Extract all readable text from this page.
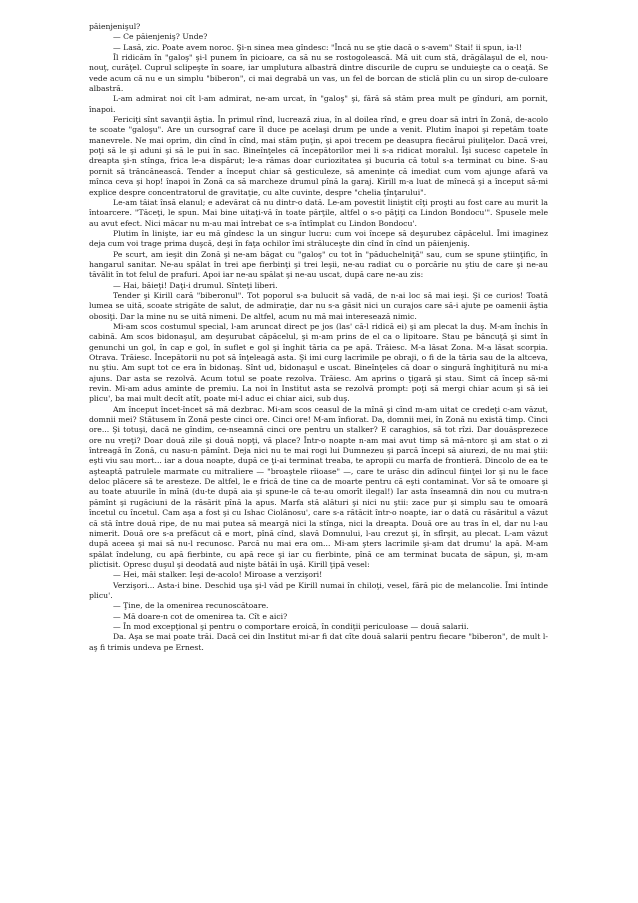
păienjenişul?

— Ce păienjeniş? Unde?

— Lasă, zic. Poate avem noroc. Şi-n sinea mea gîndesc: "Încă nu se ştie dacă o s-avem" Stai! ii spun, ia-l!

Îl ridicăm în "galoş" şi-l punem în picioare, ca să nu se rostogolească. Mă uit cum stă, drăgălaşul de el, nou-nouţ, curăţel. Cuprul sclipeşte în soare, iar umplutura albastră dintre discurile de cupru se unduieşte ca o ceaţă. Se vede acum că nu e un simplu "biberon", ci mai degrabă un vas, un fel de borcan de sticlă plin cu un sirop de-culoare albastră.

L-am admirat noi cît l-am admirat, ne-am urcat, în "galoş" şi, fără să stăm prea mult pe gînduri, am pornit, înapoi.

Fericiţi sînt savanţii ăştia. În primul rînd, lucrează ziua, în al doilea rînd, e greu doar să intri în Zonă, de-acolo te scoate "galoşu". Are un cursograf care îl duce pe acelaşi drum pe unde a venit. Plutim înapoi şi repetăm toate manevrele. Ne mai oprim, din cînd în cînd, mai stăm puţin, şi apoi trecem pe deasupra fiecărui piuliţelor. Dacă vrei, poţi să le şi aduni şi să le pui în sac. Bineînţeles că începătorilor mei li s-a ridicat moralul. Îşi sucesc capetele în dreapta şi-n stînga, frica le-a dispărut; le-a rămas doar curiozitatea şi bucuria că totul s-a terminat cu bine. S-au pornit să trăncănească. Tender a început chiar să gesticuleze, să amenințe că imediat cum vom ajunge afară va mînca ceva şi hop! înapoi în Zonă ca să marcheze drumul pînă la garaj. Kirill m-a luat de mînecă şi a început să-mi explice despre concentratorul de gravitaţie, cu alte cuvinte, despre "chelia ţînţarului".

Le-am tăiat însă elanul; e adevărat că nu dintr-o dată. Le-am povestit liniştit cîţi proşti au fost care au murit la întoarcere. "Tăceţi, le spun. Mai bine uitaţi-vă în toate părţile, altfel o s-o păţiţi ca Lindon Bondocu'". Spusele mele au avut efect. Nici măcar nu m-au mai întrebat ce s-a întîmplat cu Lindon Bondocu'.

Plutim în linişte, iar eu mă gîndesc la un singur lucru: cum voi începe să deşurubez căpăcelul. Îmi imaginez deja cum voi trage prima duşcă, deşi în faţa ochilor îmi străluceşte din cînd în cînd un păienjeniş.

Pe scurt, am ieşit din Zonă şi ne-am băgat cu "galoş" cu tot în "păduchelniţă" sau, cum se spune ştiinţific, în hangarul sanitar. Ne-au spălat în trei ape fierbinţi şi trei leşii, ne-au radiat cu o porcărie nu ştiu de care şi ne-au tăvălit în tot felul de prafuri. Apoi iar ne-au spălat şi ne-au uscat, după care ne-au zis:

— Hai, băieţi! Daţi-i drumul. Sînteţi liberi.

Tender şi Kirill cară "biberonul". Tot poporul s-a bulucit să vadă, de n-ai loc să mai ieşi. Şi ce curios! Toată lumea se uită, scoate strigăte de salut, de admiraţie, dar nu s-a găsit nici un curajos care să-i ajute pe oamenii ăştia obosiţi. Dar la mine nu se uită nimeni. De altfel, acum nu mă mai interesează nimic.

Mi-am scos costumul special, l-am aruncat direct pe jos (las' că-l ridică ei) şi am plecat la duş. M-am închis în cabină. Am scos bidonaşul, am deşurubat căpăcelul, şi m-am prins de el ca o lipitoare. Stau pe băncuţă şi simt în genunchi un gol, în cap e gol, în suflet e gol şi înghit tăria ca pe apă. Trăiesc. M-a lăsat Zona. M-a lăsat scorpia. Otrava. Trăiesc. Începătorii nu pot să înţeleagă asta. Şi imi curg lacrimile pe obraji, o fi de la tăria sau de la altceva, nu ştiu. Am supt tot ce era în bidonaş. Sînt ud, bidonaşul e uscat. Bineînţeles că doar o singură înghiţitură nu mi-a ajuns. Dar asta se rezolvă. Acum totul se poate rezolva. Trăiesc. Am aprins o ţigară şi stau. Simt că încep să-mi revin. Mi-am adus aminte de premiu. La noi în Institut asta se rezolvă prompt: poţi să mergi chiar acum şi să iei plicu', ba mai mult decît atît, poate mi-l aduc ei chiar aici, sub duş.

Am început încet-încet să mă dezbrac. Mi-am scos ceasul de la mînă şi cînd m-am uitat ce credeţi c-am văzut, domnii mei? Stătusem în Zonă peste cinci ore. Cinci ore! M-am înfiorat. Da, domnii mei, în Zonă nu există timp. Cinci ore... Şi totuşi, dacă ne gîndim, ce-nseamnă cinci ore pentru un stalker? E caraghios, să tot rîzi. Dar douăsprezece ore nu vreţi? Doar două zile şi două nopţi, vă place? Într-o noapte n-am mai avut timp să mă-ntorc şi am stat o zi întreagă în Zonă, cu nasu-n pămînt. Deja nici nu te mai rogi lui Dumnezeu şi parcă începi să aiurezi, de nu mai ştii: eşti viu sau mort... iar a doua noapte, după ce ţi-ai terminat treaba, te apropii cu marfa de frontieră. Dincolo de ea te aşteaptă patrulele marmate cu mitraliere — "broaştele rîioase" —, care te urăsc din adîncul fiinţei lor şi nu le face deloc plăcere să te aresteze. De altfel, le e frică de tine ca de moarte pentru că eşti contaminat. Vor să te omoare şi au toate atuurile în mînă (du-te după aia şi spune-le că te-au omorît ilegal!) Iar asta înseamnă din nou cu mutra-n pămînt şi rugăciuni de la răsărit pînă la apus. Marfa stă alături şi nici nu ştii: zace pur şi simplu sau te omoară încetul cu încetul. Cam aşa a fost şi cu Ishac Ciolănosu', care s-a rătăcit într-o noapte, iar o dată cu răsăritul a văzut că stă între două ripe, de nu mai putea să meargă nici la stînga, nici la dreapta. Două ore au tras în el, dar nu l-au nimerit. Două ore s-a prefăcut că e mort, pînă cînd, slavă Domnului, l-au crezut şi, în sfîrşit, au plecat. L-am văzut după aceea şi mai să nu-l recunosc. Parcă nu mai era om... Mi-am şters lacrimile şi-am dat drumu' la apă. M-am spălat îndelung, cu apă fierbinte, cu apă rece şi iar cu fierbinte, pînă ce am terminat bucata de săpun, şi, m-am plictisit. Opresc duşul şi deodată aud nişte bătăi în uşă. Kirill ţipă vesel:

— Hei, măi stalker. Ieşi de-acolo! Miroase a verzişori!

Verzişori... Asta-i bine. Deschid uşa şi-l văd pe Kirill numai în chiloţi, vesel, fără pic de melancolie. Îmi întinde plicu'.

— Ţine, de la omenirea recunoscătoare.

— Mă doare-n cot de omenirea ta. Cît e aici?

— În mod excepţional şi pentru o comportare eroică, în condiţii periculoase — două salarii.

Da. Aşa se mai poate trăi. Dacă cei din Institut mi-ar fi dat cîte două salarii pentru fiecare "biberon", de mult l-aş fi trimis undeva pe Ernest.
